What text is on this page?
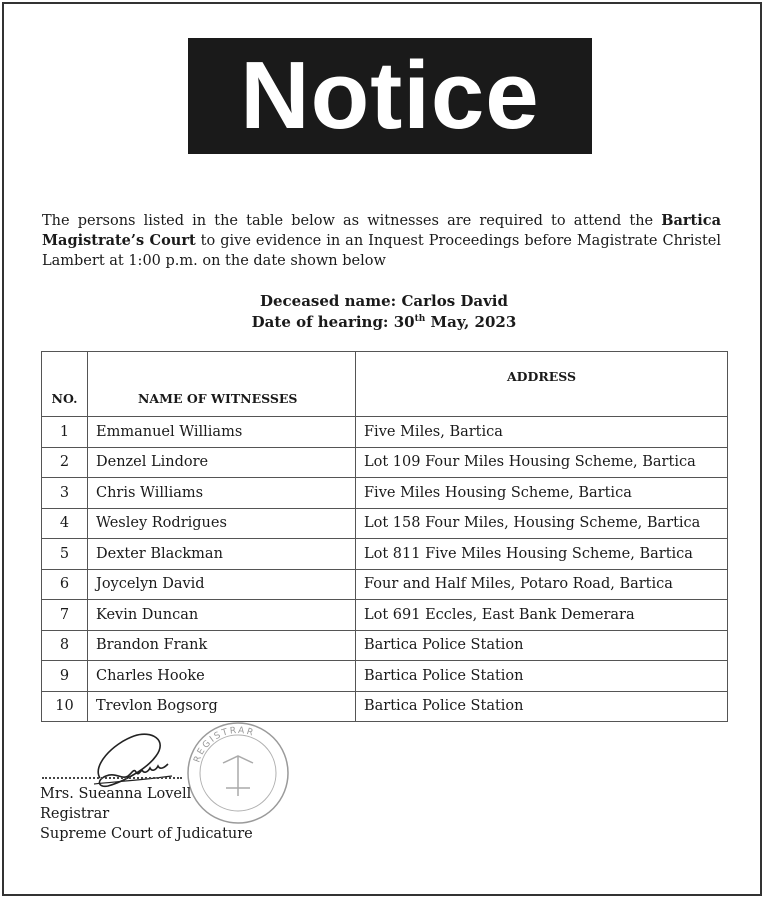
Notice

The persons listed in the table below as witnesses are required to attend the Bartica Magistrate’s Court to give evidence in an Inquest Proceedings before Magistrate Christel Lambert at 1:00 p.m. on the date shown below

Deceased name: Carlos David
Date of hearing: 30th May, 2023
NO.	NAME OF WITNESSES	ADDRESS
1	Emmanuel Williams	Five Miles, Bartica
2	Denzel Lindore	Lot 109 Four Miles Housing Scheme, Bartica
3	Chris Williams	Five Miles Housing Scheme, Bartica
4	Wesley Rodrigues	Lot 158 Four Miles, Housing Scheme, Bartica
5	Dexter Blackman	Lot 811 Five Miles Housing Scheme, Bartica
6	Joycelyn David	Four and Half Miles, Potaro Road, Bartica
7	Kevin Duncan	Lot 691 Eccles, East Bank Demerara
8	Brandon Frank	Bartica Police Station
9	Charles Hooke	Bartica Police Station
10	Trevlon Bogsorg	Bartica Police Station
REGISTRAR
Mrs. Sueanna Lovell
Registrar
Supreme Court of Judicature
